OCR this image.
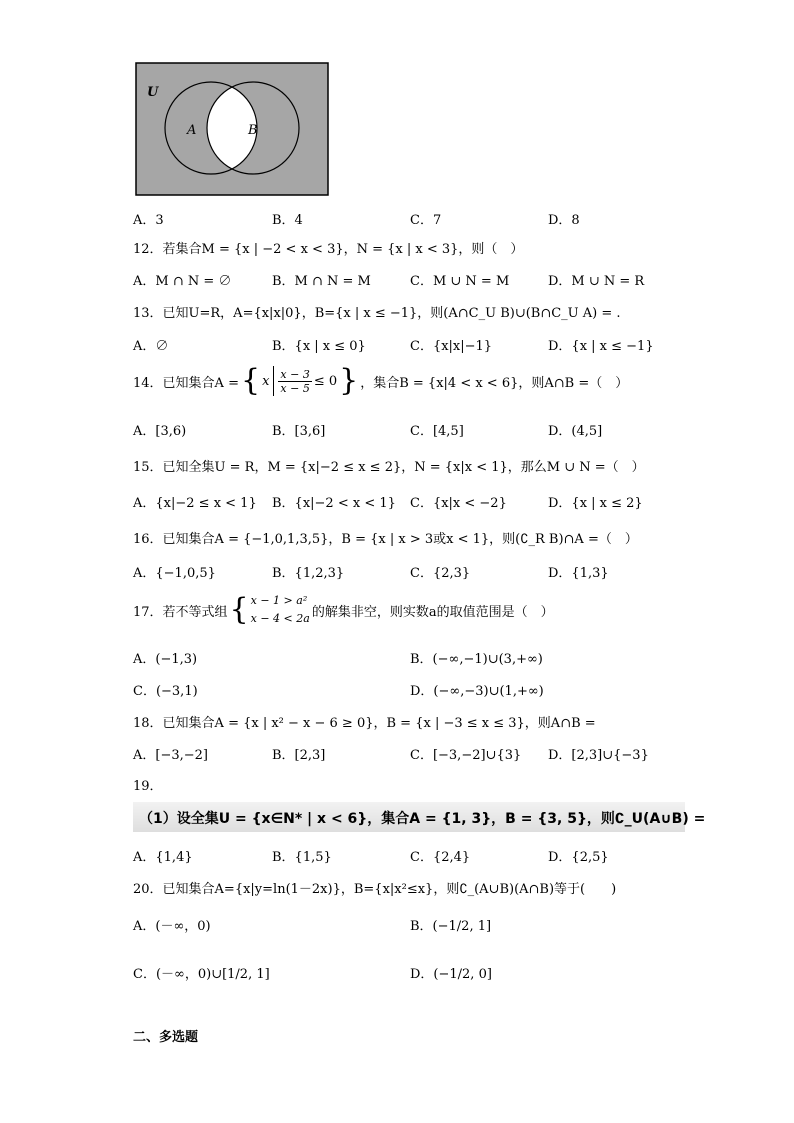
U
A	B
A．3	B．4	C．7	D．8
12．若集合M = {x | −2 < x < 3}，N = {x | x < 3}，则（　）
A．M ∩ N = ∅	B．M ∩ N = M	C．M ∪ N = M	D．M ∪ N = R
13．已知U=R，A={x|x|0}，B={x | x ≤ −1}，则(A∩C_U B)∪(B∩C_U A) = .
A．∅	B．{x | x ≤ 0}	C．{x|x|−1}	D．{x | x ≤ −1}
14．已知集合A = { x $\frac{x - 3}{x - 5} \le 0$ } ，集合B = {x|4 < x < 6}，则A∩B =（　）
A．[3,6)	B．[3,6]	C．[4,5]	D．(4,5]
15．已知全集U = R，M = {x|−2 ≤ x ≤ 2}，N = {x|x < 1}，那么M ∪ N =（　）
A．{x|−2 ≤ x < 1} B．{x|−2 < x < 1} C．{x|x < −2}	D．{x | x ≤ 2}
16．已知集合A = {−1,0,1,3,5}，B = {x | x > 3或x < 1}，则(∁_R B)∩A =（　）
A．{−1,0,5}	B．{1,2,3}	C．{2,3}	D．{1,3}
17．若不等式组 { x − 1 > a²
x − 4 < 2a 的解集非空，则实数a的取值范围是（　）
A．(−1,3)	B．(−∞,−1)∪(3,+∞)
C．(−3,1)	D．(−∞,−3)∪(1,+∞)
18．已知集合A = {x | x² − x − 6 ≥ 0}，B = {x | −3 ≤ x ≤ 3}，则A∩B =
A．[−3,−2]	B．[2,3]	C．[−3,−2]∪{3} D．[2,3]∪{−3}
19．
（1）设全集U = {x∈N* | x < 6}，集合A = {1, 3}，B = {3, 5}，则∁_U(A∪B) =
A．{1,4}	B．{1,5}	C．{2,4}	D．{2,5}
20．已知集合A={x|y=ln(1－2x)}，B={x|x²≤x}，则∁_(A∪B)(A∩B)等于(　　)
A．(－∞，0)	B．(−1/2, 1]
C．(－∞，0)∪[1/2, 1]	D．(−1/2, 0]
二、多选题
